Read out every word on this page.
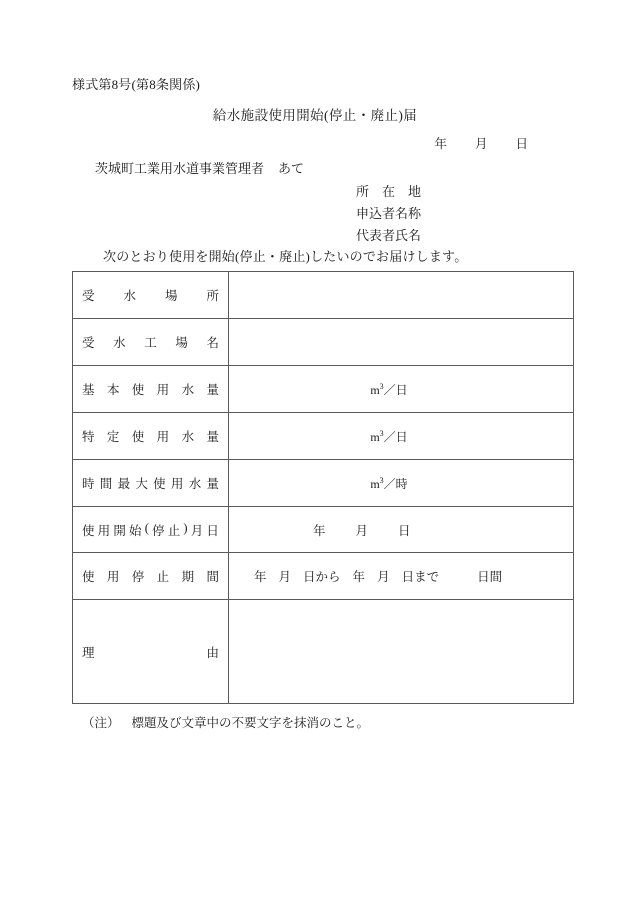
様式第8号(第8条関係)
給水施設使用開始(停止・廃止)届
年 月 日
茨城町工業用水道事業管理者 あて
所　在　地
申込者名称
代表者氏名
次のとおり使用を開始(停止・廃止)したいのでお届けします。
受 水 場 所	

受 水 工 場 名	

基 本 使 用 水 量	$m^3/$日

特 定 使 用 水 量	$m^3/$日

時 間 最 大 使 用 水 量	$m^3/$時

使 用 開 始 ( 停 止 ) 月 日	年 月 日

使 用 停 止 期 間	年 月 日から 年 月 日まで	日間

理 由	

（注） 標題及び文章中の不要文字を抹消のこと。
